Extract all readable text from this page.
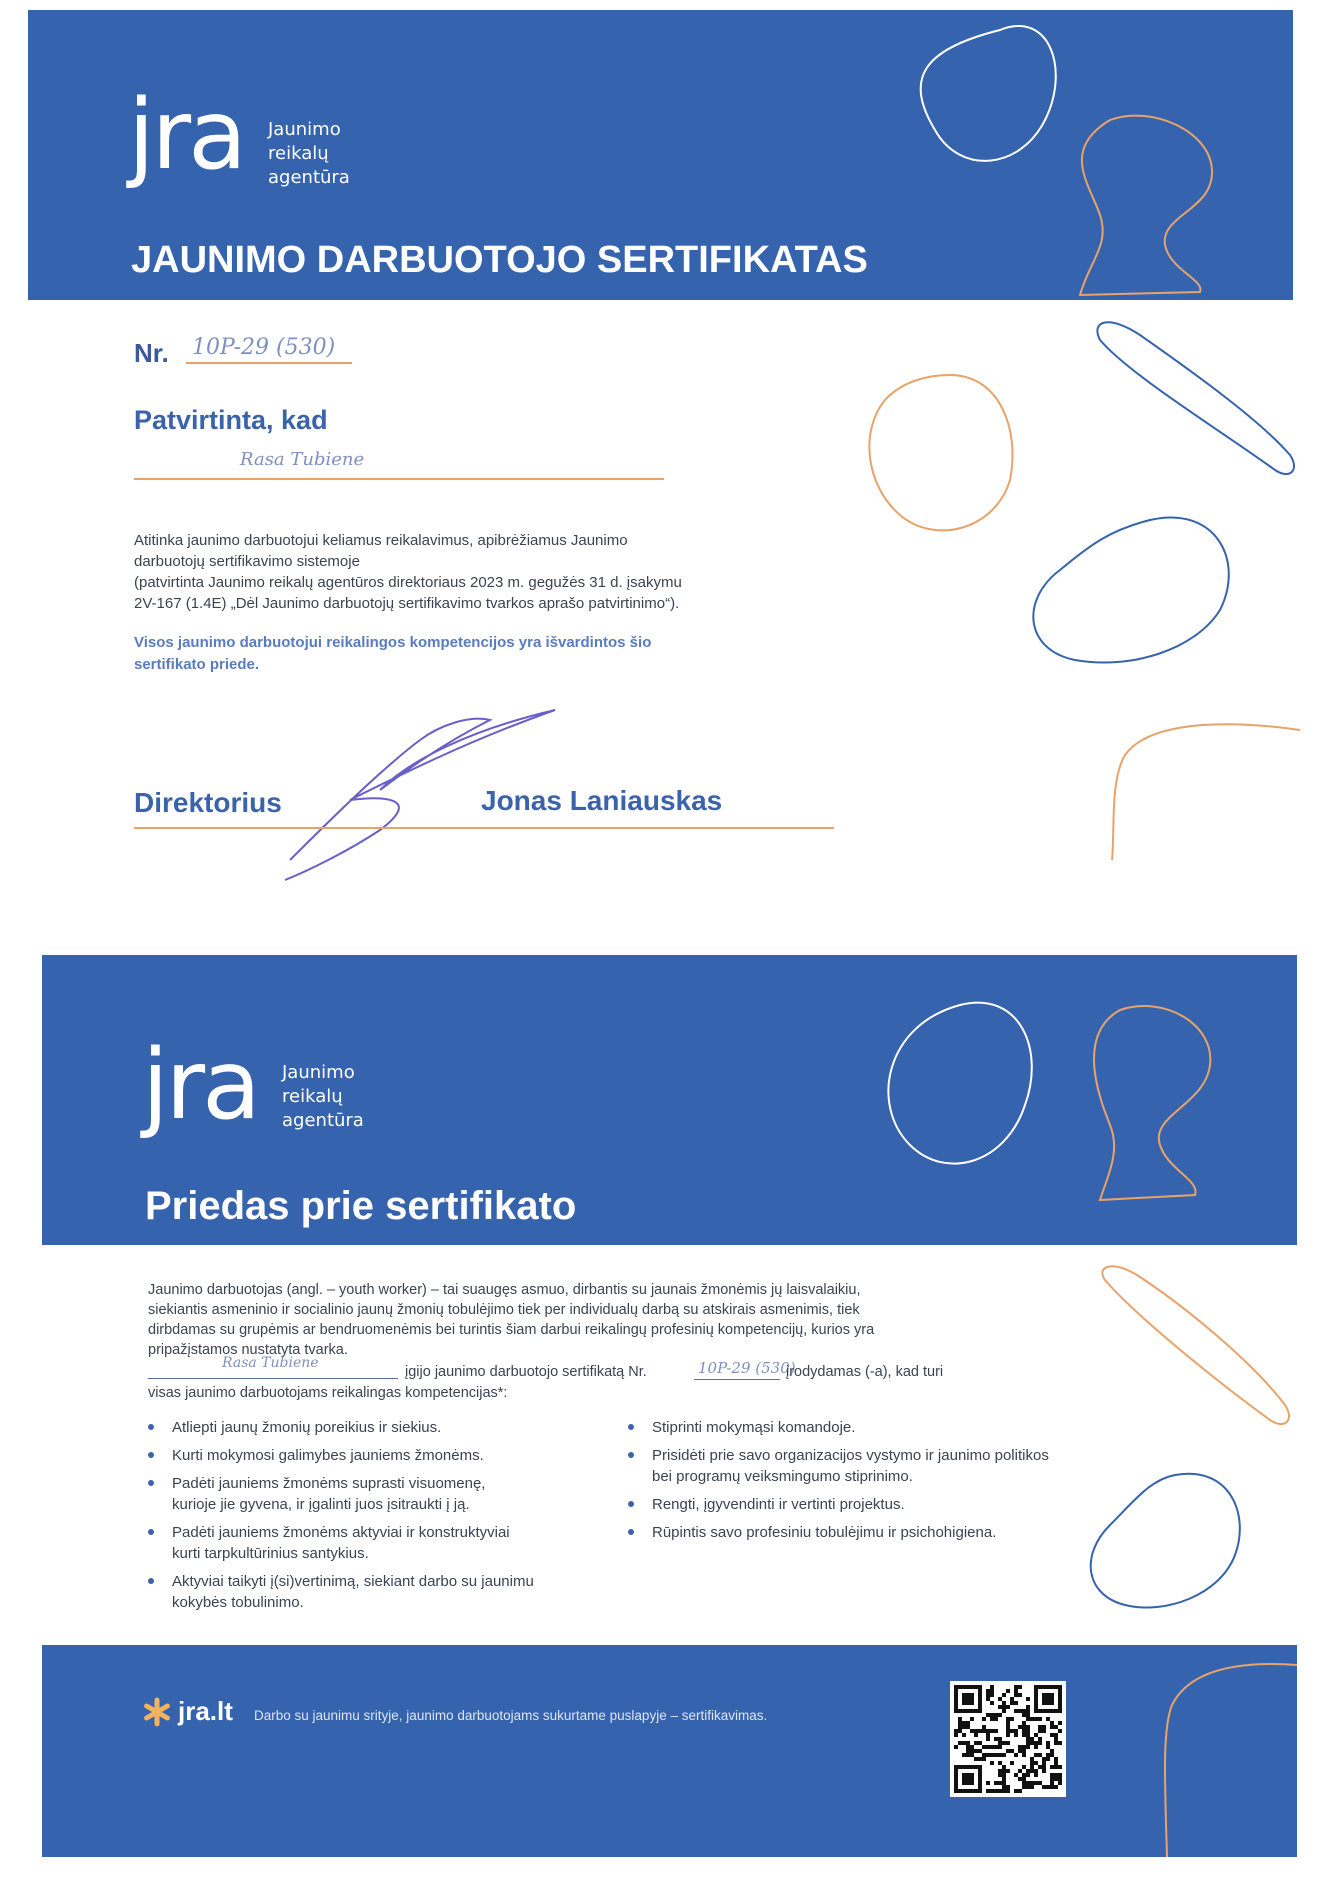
jra Jaunimo
reikalų
agentūra
JAUNIMO DARBUOTOJO SERTIFIKATAS
Nr. 10P-29 (530)
Patvirtinta, kad
Rasa Tubiene
Atitinka jaunimo darbuotojui keliamus reikalavimus, apibrėžiamus Jaunimo
darbuotojų sertifikavimo sistemoje
(patvirtinta Jaunimo reikalų agentūros direktoriaus 2023 m. gegužės 31 d. įsakymu
2V-167 (1.4E) „Dėl Jaunimo darbuotojų sertifikavimo tvarkos aprašo patvirtinimo“).
Visos jaunimo darbuotojui reikalingos kompetencijos yra išvardintos šio
sertifikato priede.
Direktorius	Jonas Laniauskas
jra Jaunimo
reikalų
agentūra
Priedas prie sertifikato
Jaunimo darbuotojas (angl. – youth worker) – tai suaugęs asmuo, dirbantis su jaunais žmonėmis jų laisvalaikiu,
siekiantis asmeninio ir socialinio jaunų žmonių tobulėjimo tiek per individualų darbą su atskirais asmenimis, tiek
dirbdamas su grupėmis ar bendruomenėmis bei turintis šiam darbui reikalingų profesinių kompetencijų, kurios yra
pripažįstamos nustatyta tvarka.
Rasa Tubiene
įgijo jaunimo darbuotojo sertifikatą Nr.	10P-29 (530)
įrodydamas (-a), kad turi
visas jaunimo darbuotojams reikalingas kompetencijas*:
Atliepti jaunų žmonių poreikius ir siekius.
Kurti mokymosi galimybes jauniems žmonėms.
Padėti jauniems žmonėms suprasti visuomenę,
kurioje jie gyvena, ir įgalinti juos įsitraukti į ją.
Padėti jauniems žmonėms aktyviai ir konstruktyviai
kurti tarpkultūrinius santykius.
Aktyviai taikyti į(si)vertinimą, siekiant darbo su jaunimu
kokybės tobulinimo.
Stiprinti mokymąsi komandoje.
Prisidėti prie savo organizacijos vystymo ir jaunimo politikos
bei programų veiksmingumo stiprinimo.
Rengti, įgyvendinti ir vertinti projektus.
Rūpintis savo profesiniu tobulėjimu ir psichohigiena.
jra.lt Darbo su jaunimu srityje, jaunimo darbuotojams sukurtame puslapyje – sertifikavimas.
